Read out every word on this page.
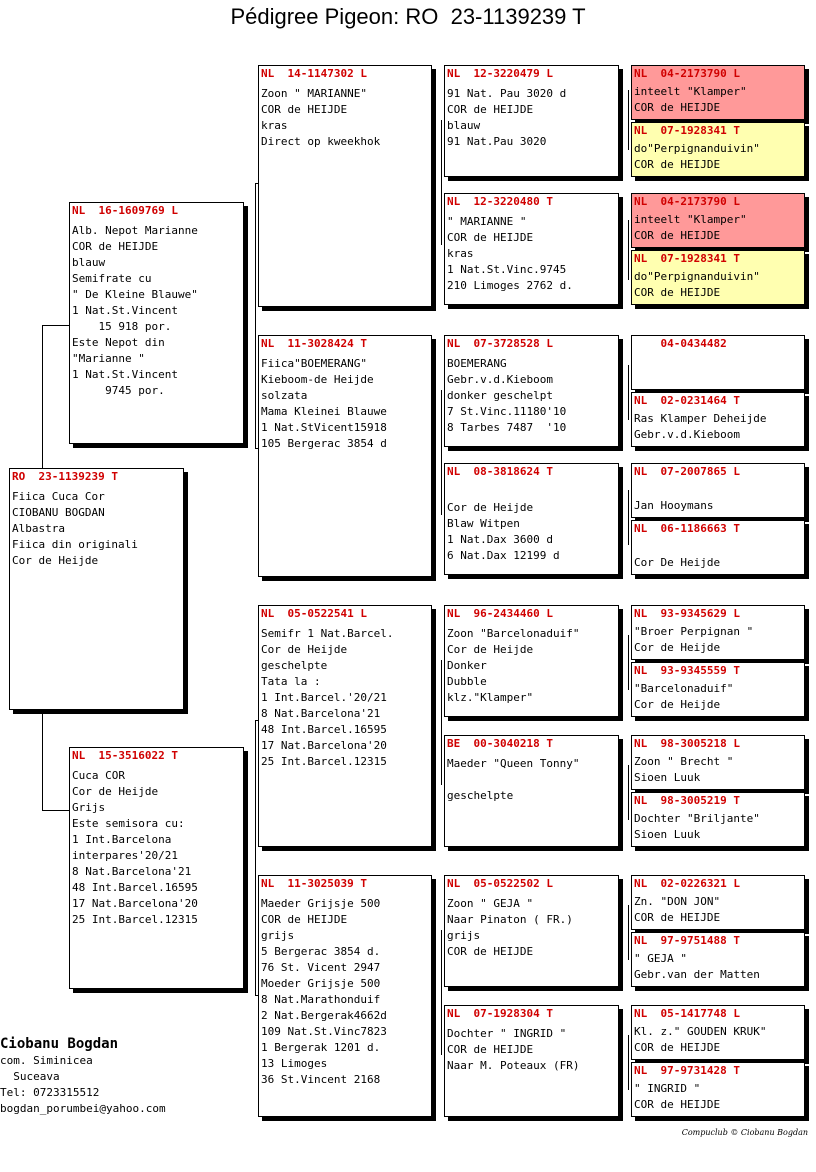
Pédigree Pigeon: RO  23-1139239 T
RO  23-1139239 T
Fiica Cuca Cor
CIOBANU BOGDAN
Albastra
Fiica din originali
Cor de Heijde
NL  16-1609769 L
Alb. Nepot Marianne
COR de HEIJDE
blauw
Semifrate cu
" De Kleine Blauwe"
1 Nat.St.Vincent
15 918 por.
Este Nepot din
"Marianne "
1 Nat.St.Vincent
9745 por.
NL  15-3516022 T
Cuca COR
Cor de Heijde
Grijs
Este semisora cu:
1 Int.Barcelona
interpares'20/21
8 Nat.Barcelona'21
48 Int.Barcel.16595
17 Nat.Barcelona'20
25 Int.Barcel.12315
NL  14-1147302 L
Zoon " MARIANNE"
COR de HEIJDE
kras
Direct op kweekhok
NL  11-3028424 T
Fiica"BOEMERANG"
Kieboom-de Heijde
solzata
Mama Kleinei Blauwe
1 Nat.StVicent15918
105 Bergerac 3854 d
NL  05-0522541 L
Semifr 1 Nat.Barcel.
Cor de Heijde
geschelpte
Tata la :
1 Int.Barcel.'20/21
8 Nat.Barcelona'21
48 Int.Barcel.16595
17 Nat.Barcelona'20
25 Int.Barcel.12315
NL  11-3025039 T
Maeder Grijsje 500
COR de HEIJDE
grijs
5 Bergerac 3854 d.
76 St. Vicent 2947
Moeder Grijsje 500
8 Nat.Marathonduif
2 Nat.Bergerak4662d
109 Nat.St.Vinc7823
1 Bergerak 1201 d.
13 Limoges
36 St.Vincent 2168
NL  12-3220479 L
91 Nat. Pau 3020 d
COR de HEIJDE
blauw
91 Nat.Pau 3020
NL  12-3220480 T
" MARIANNE "
COR de HEIJDE
kras
1 Nat.St.Vinc.9745
210 Limoges 2762 d.
NL  07-3728528 L
BOEMERANG
Gebr.v.d.Kieboom
donker geschelpt
7 St.Vinc.11180'10
8 Tarbes 7487  '10
NL  08-3818624 T

Cor de Heijde
Blaw Witpen
1 Nat.Dax 3600 d
6 Nat.Dax 12199 d
NL  96-2434460 L
Zoon "Barcelonaduif"
Cor de Heijde
Donker
Dubble
klz."Klamper"
BE  00-3040218 T
Maeder "Queen Tonny"

geschelpte
NL  05-0522502 L
Zoon " GEJA "
Naar Pinaton ( FR.)
grijs
COR de HEIJDE
NL  07-1928304 T
Dochter " INGRID "
COR de HEIJDE
Naar M. Poteaux (FR)
NL  04-2173790 L
inteelt "Klamper"
COR de HEIJDE
NL  07-1928341 T
do"Perpignanduivin"
COR de HEIJDE
NL  04-2173790 L
inteelt "Klamper"
COR de HEIJDE
NL  07-1928341 T
do"Perpignanduivin"
COR de HEIJDE
04-0434482
NL  02-0231464 T
Ras Klamper Deheijde
Gebr.v.d.Kieboom
NL  07-2007865 L

Jan Hooymans
NL  06-1186663 T

Cor De Heijde
NL  93-9345629 L
"Broer Perpignan "
Cor de Heijde
NL  93-9345559 T
"Barcelonaduif"
Cor de Heijde
NL  98-3005218 L
Zoon " Brecht "
Sioen Luuk
NL  98-3005219 T
Dochter "Briljante"
Sioen Luuk
NL  02-0226321 L
Zn. "DON JON"
COR de HEIJDE
NL  97-9751488 T
" GEJA "
Gebr.van der Matten
NL  05-1417748 L
Kl. z." GOUDEN KRUK"
COR de HEIJDE
NL  97-9731428 T
" INGRID "
COR de HEIJDE
Ciobanu Bogdan
com. Siminicea
Suceava
Tel: 0723315512
bogdan_porumbei@yahoo.com
Compuclub © Ciobanu Bogdan
